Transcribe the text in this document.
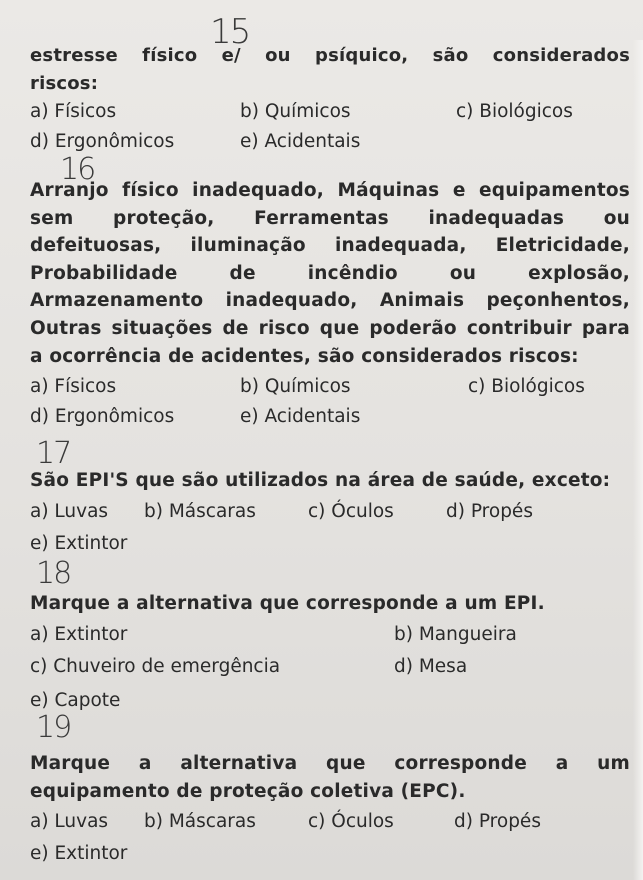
15

estresse físico e/ ou psíquico, são considerados
riscos:

a) Físicos	b) Químicos	c) Biológicos
d) Ergonômicos	e) Acidentais
16

Arranjo físico inadequado, Máquinas e equipamentos
sem proteção, Ferramentas inadequadas ou
defeituosas, iluminação inadequada, Eletricidade,
Probabilidade de incêndio ou explosão,
Armazenamento inadequado, Animais peçonhentos,
Outras situações de risco que poderão contribuir para
a ocorrência de acidentes, são considerados riscos:

a) Físicos	b) Químicos	c) Biológicos
d) Ergonômicos	e) Acidentais
17

São EPI'S que são utilizados na área de saúde, exceto:

a) Luvas b) Máscaras	c) Óculos	d) Propés
e) Extintor
18

Marque a alternativa que corresponde a um EPI.

a) Extintor	b) Mangueira
c) Chuveiro de emergência	d) Mesa
e) Capote
19

Marque a alternativa que corresponde a um
equipamento de proteção coletiva (EPC).

a) Luvas b) Máscaras	c) Óculos	d) Propés
e) Extintor
